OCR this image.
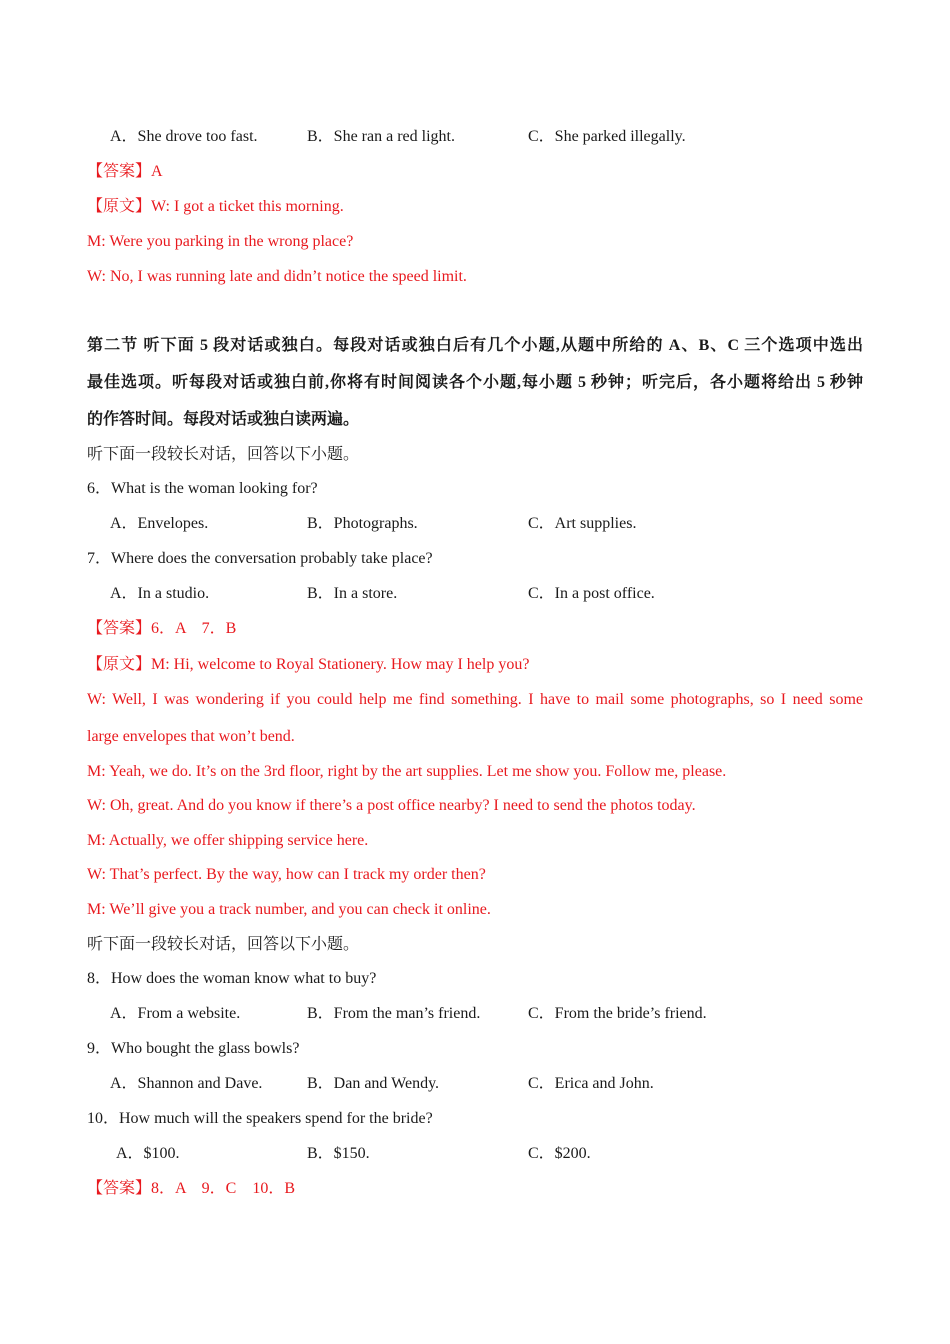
A．She drove too fast.	B．She ran a red light.	C．She parked illegally.
【答案】A
【原文】W: I got a ticket this morning.
M: Were you parking in the wrong place?
W: No, I was running late and didn’t notice the speed limit.
第二节 听下面 5 段对话或独白。每段对话或独白后有几个小题,从题中所给的 A、B、C 三个选项中选出
最佳选项。听每段对话或独白前,你将有时间阅读各个小题,每小题 5 秒钟；听完后，各小题将给出 5 秒钟
的作答时间。每段对话或独白读两遍。
听下面一段较长对话，回答以下小题。
6．What is the woman looking for?
A．Envelopes.	B．Photographs.	C．Art supplies.
7．Where does the conversation probably take place?
A．In a studio.	B．In a store.	C．In a post office.
【答案】6．A　7．B
【原文】M: Hi, welcome to Royal Stationery. How may I help you?
W: Well, I was wondering if you could help me find something. I have to mail some photographs, so I need some
large envelopes that won’t bend.
M: Yeah, we do. It’s on the 3rd floor, right by the art supplies. Let me show you. Follow me, please.
W: Oh, great. And do you know if there’s a post office nearby? I need to send the photos today.
M: Actually, we offer shipping service here.
W: That’s perfect. By the way, how can I track my order then?
M: We’ll give you a track number, and you can check it online.
听下面一段较长对话，回答以下小题。
8．How does the woman know what to buy?
A．From a website.	B．From the man’s friend.	C．From the bride’s friend.
9．Who bought the glass bowls?
A．Shannon and Dave.	B．Dan and Wendy.	C．Erica and John.
10．How much will the speakers spend for the bride?
A．$100.	B．$150.	C．$200.
【答案】8．A　9．C　10．B
